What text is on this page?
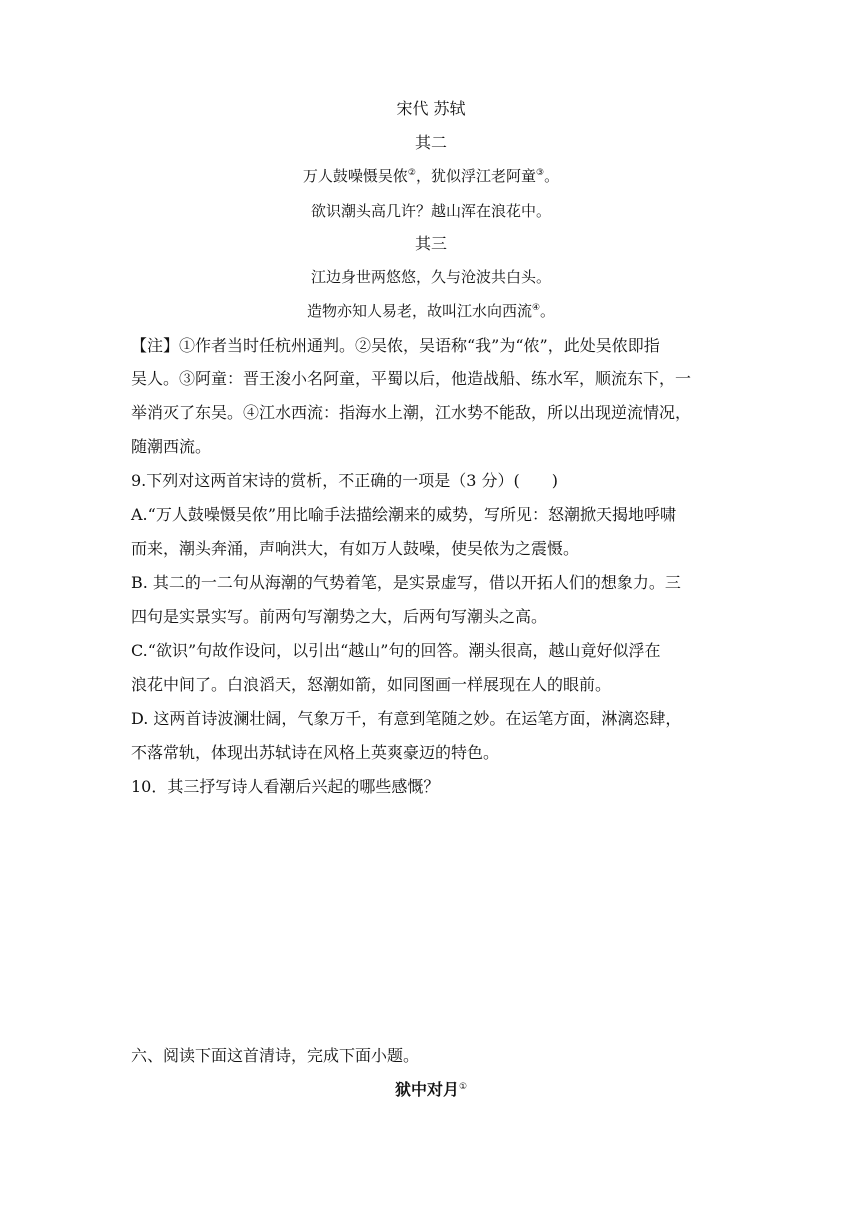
宋代 苏轼
其二
万人鼓噪慑吴侬②，犹似浮江老阿童③。
欲识潮头高几许？越山浑在浪花中。
其三
江边身世两悠悠，久与沧波共白头。
造物亦知人易老，故叫江水向西流④。
【注】①作者当时任杭州通判。②吴侬，吴语称“我”为“侬”，此处吴侬即指
吴人。③阿童：晋王浚小名阿童，平蜀以后，他造战船、练水军，顺流东下，一
举消灭了东吴。④江水西流：指海水上潮，江水势不能敌，所以出现逆流情况，
随潮西流。
9.下列对这两首宋诗的赏析，不正确的一项是（3 分）(　　)
A.“万人鼓噪慑吴侬”用比喻手法描绘潮来的威势，写所见：怒潮掀天揭地呼啸
而来，潮头奔涌，声响洪大，有如万人鼓噪，使吴侬为之震慑。
B. 其二的一二句从海潮的气势着笔，是实景虚写，借以开拓人们的想象力。三
四句是实景实写。前两句写潮势之大，后两句写潮头之高。
C.“欲识”句故作设问，以引出“越山”句的回答。潮头很高，越山竟好似浮在
浪花中间了。白浪滔天，怒潮如箭，如同图画一样展现在人的眼前。
D. 这两首诗波澜壮阔，气象万千，有意到笔随之妙。在运笔方面，淋漓恣肆，
不落常轨，体现出苏轼诗在风格上英爽豪迈的特色。
10．其三抒写诗人看潮后兴起的哪些感慨？
六、阅读下面这首清诗，完成下面小题。
狱中对月①
